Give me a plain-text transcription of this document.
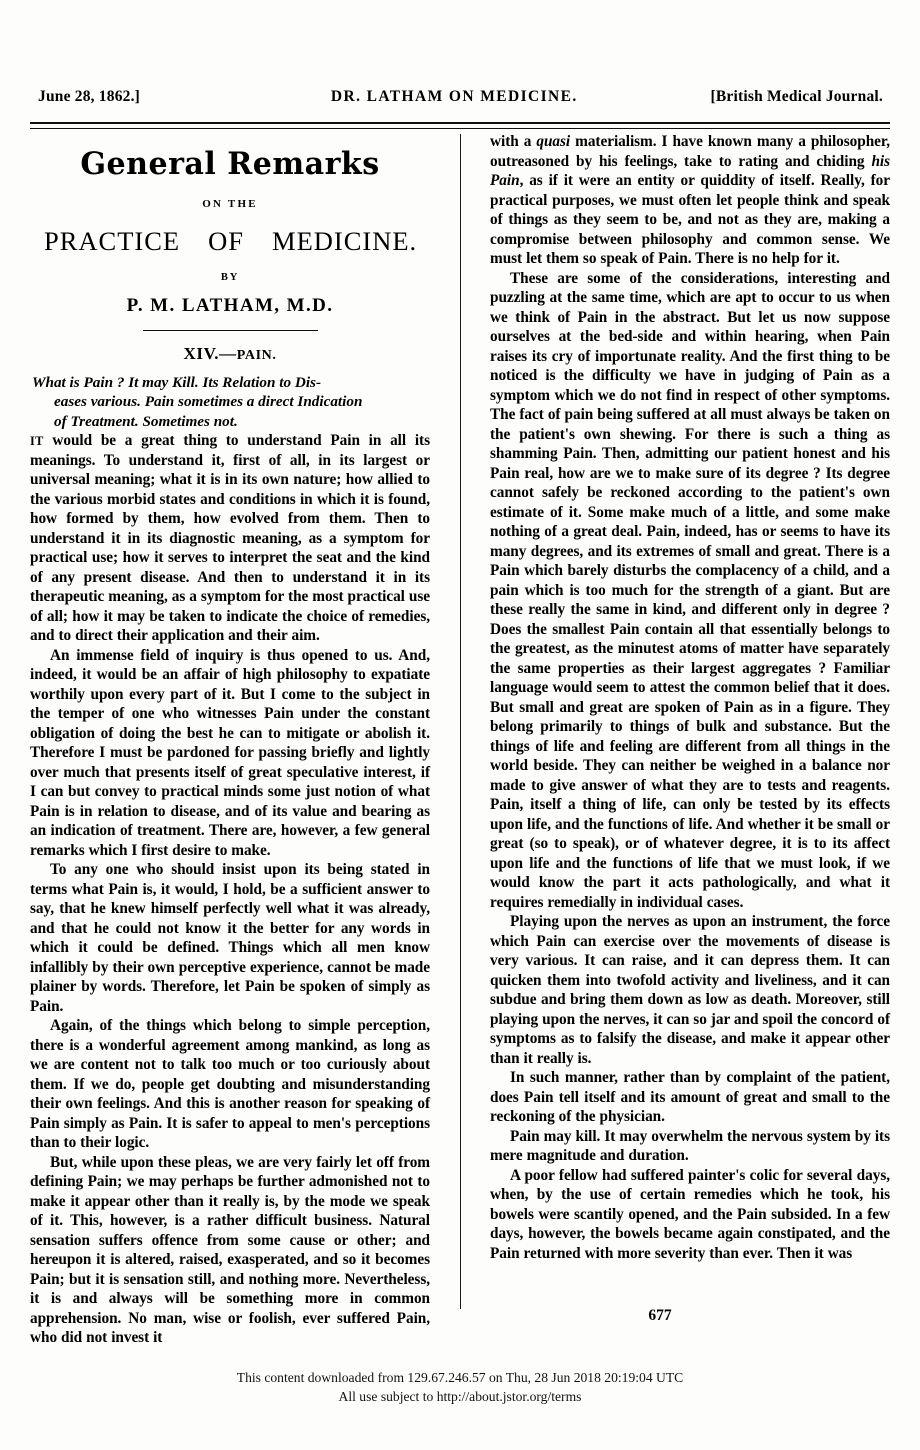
June 28, 1862.]	DR. LATHAM ON MEDICINE.	[British Medical Journal.
General Remarks
ON THE
PRACTICE OF MEDICINE.
BY
P. M. LATHAM, M.D.
XIV.—PAIN.
What is Pain ? It may Kill. Its Relation to Dis-
eases various. Pain sometimes a direct Indication
of Treatment. Sometimes not.

IT would be a great thing to understand Pain in all its meanings. To understand it, first of all, in its largest or universal meaning; what it is in its own nature; how allied to the various morbid states and conditions in which it is found, how formed by them, how evolved from them. Then to understand it in its diagnostic meaning, as a symptom for practical use; how it serves to interpret the seat and the kind of any present disease. And then to understand it in its therapeutic meaning, as a symptom for the most practical use of all; how it may be taken to indicate the choice of remedies, and to direct their application and their aim.

An immense field of inquiry is thus opened to us. And, indeed, it would be an affair of high philosophy to expatiate worthily upon every part of it. But I come to the subject in the temper of one who witnesses Pain under the constant obligation of doing the best he can to mitigate or abolish it. Therefore I must be pardoned for passing briefly and lightly over much that presents itself of great speculative interest, if I can but convey to practical minds some just notion of what Pain is in relation to disease, and of its value and bearing as an indication of treatment. There are, however, a few general remarks which I first desire to make.

To any one who should insist upon its being stated in terms what Pain is, it would, I hold, be a sufficient answer to say, that he knew himself perfectly well what it was already, and that he could not know it the better for any words in which it could be defined. Things which all men know infallibly by their own perceptive experience, cannot be made plainer by words. Therefore, let Pain be spoken of simply as Pain.

Again, of the things which belong to simple perception, there is a wonderful agreement among mankind, as long as we are content not to talk too much or too curiously about them. If we do, people get doubting and misunderstanding their own feelings. And this is another reason for speaking of Pain simply as Pain. It is safer to appeal to men's perceptions than to their logic.

But, while upon these pleas, we are very fairly let off from defining Pain; we may perhaps be further admonished not to make it appear other than it really is, by the mode we speak of it. This, however, is a rather difficult business. Natural sensation suffers offence from some cause or other; and hereupon it is altered, raised, exasperated, and so it becomes Pain; but it is sensation still, and nothing more. Nevertheless, it is and always will be something more in common apprehension. No man, wise or foolish, ever suffered Pain, who did not invest it

with a quasi materialism. I have known many a philosopher, outreasoned by his feelings, take to rating and chiding his Pain, as if it were an entity or quiddity of itself. Really, for practical purposes, we must often let people think and speak of things as they seem to be, and not as they are, making a compromise between philosophy and common sense. We must let them so speak of Pain. There is no help for it.

These are some of the considerations, interesting and puzzling at the same time, which are apt to occur to us when we think of Pain in the abstract. But let us now suppose ourselves at the bed-side and within hearing, when Pain raises its cry of importunate reality. And the first thing to be noticed is the difficulty we have in judging of Pain as a symptom which we do not find in respect of other symptoms. The fact of pain being suffered at all must always be taken on the patient's own shewing. For there is such a thing as shamming Pain. Then, admitting our patient honest and his Pain real, how are we to make sure of its degree ? Its degree cannot safely be reckoned according to the patient's own estimate of it. Some make much of a little, and some make nothing of a great deal. Pain, indeed, has or seems to have its many degrees, and its extremes of small and great. There is a Pain which barely disturbs the complacency of a child, and a pain which is too much for the strength of a giant. But are these really the same in kind, and different only in degree ? Does the smallest Pain contain all that essentially belongs to the greatest, as the minutest atoms of matter have separately the same properties as their largest aggregates ? Familiar language would seem to attest the common belief that it does. But small and great are spoken of Pain as in a figure. They belong primarily to things of bulk and substance. But the things of life and feeling are different from all things in the world beside. They can neither be weighed in a balance nor made to give answer of what they are to tests and reagents. Pain, itself a thing of life, can only be tested by its effects upon life, and the functions of life. And whether it be small or great (so to speak), or of whatever degree, it is to its affect upon life and the functions of life that we must look, if we would know the part it acts pathologically, and what it requires remedially in individual cases.

Playing upon the nerves as upon an instrument, the force which Pain can exercise over the movements of disease is very various. It can raise, and it can depress them. It can quicken them into twofold activity and liveliness, and it can subdue and bring them down as low as death. Moreover, still playing upon the nerves, it can so jar and spoil the concord of symptoms as to falsify the disease, and make it appear other than it really is.

In such manner, rather than by complaint of the patient, does Pain tell itself and its amount of great and small to the reckoning of the physician.

Pain may kill. It may overwhelm the nervous system by its mere magnitude and duration.

A poor fellow had suffered painter's colic for several days, when, by the use of certain remedies which he took, his bowels were scantily opened, and the Pain subsided. In a few days, however, the bowels became again constipated, and the Pain returned with more severity than ever. Then it was

677
This content downloaded from 129.67.246.57 on Thu, 28 Jun 2018 20:19:04 UTC
All use subject to http://about.jstor.org/terms
